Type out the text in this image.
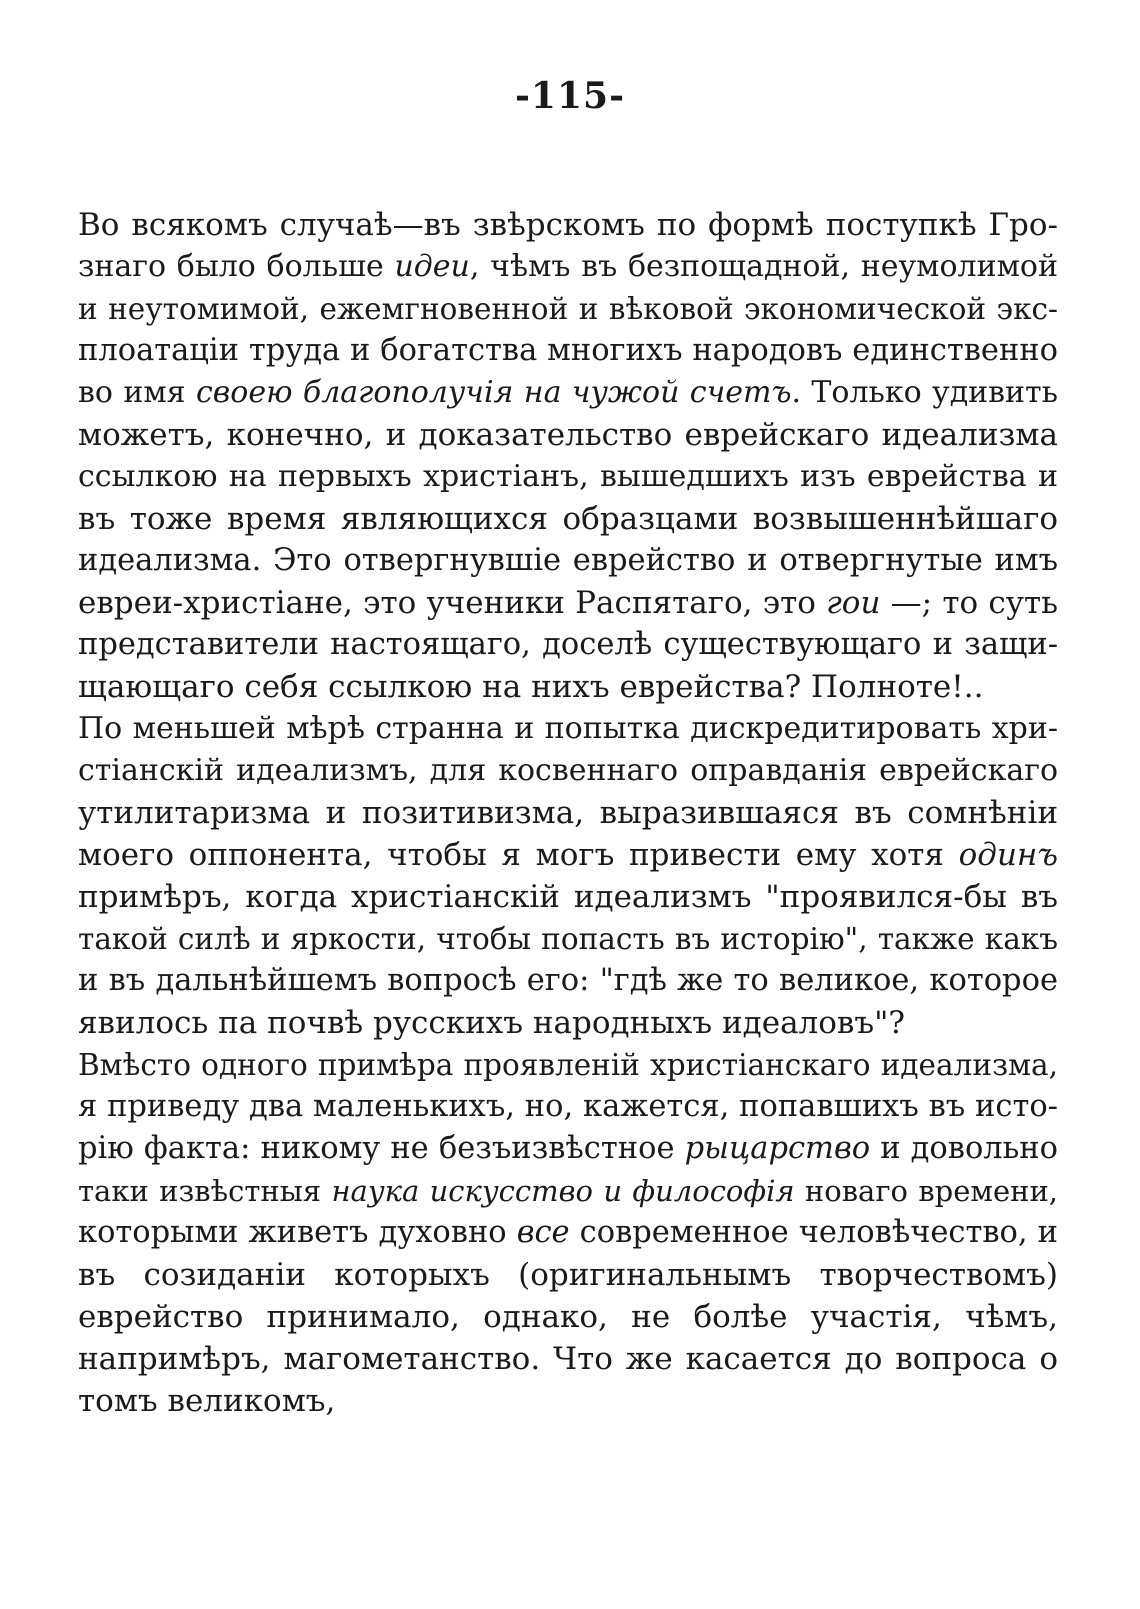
-115-
Во всякомъ случаѣ—въ звѣрскомъ по формѣ поступкѣ Гро-
знаго было больше идеи, чѣмъ въ безпощадной, неумолимой
и неутомимой, ежемгновенной и вѣковой экономической экс-
плоатаціи труда и богатства многихъ народовъ единственно
во имя своею благополучія на чужой счетъ. Только удивить
можетъ, конечно, и доказательство еврейскаго идеализма
ссылкою на первыхъ христіанъ, вышедшихъ изъ еврейства и
въ тоже время являющихся образцами возвышеннѣйшаго
идеализма. Это отвергнувшіе еврейство и отвергнутые имъ
евреи-христіане, это ученики Распятаго, это гои —; то суть
представители настоящаго, доселѣ существующаго и защи-
щающаго себя ссылкою на нихъ еврейства? Полноте!..
По меньшей мѣрѣ странна и попытка дискредитировать хри-
стіанскій идеализмъ, для косвеннаго оправданія еврейскаго
утилитаризма и позитивизма, выразившаяся въ сомнѣніи
моего оппонента, чтобы я могъ привести ему хотя одинъ
примѣръ, когда христіанскій идеализмъ "проявился-бы въ
такой силѣ и яркости, чтобы попасть въ исторію", также какъ
и въ дальнѣйшемъ вопросѣ его: "гдѣ же то великое, которое
явилось па почвѣ русскихъ народныхъ идеаловъ"?
Вмѣсто одного примѣра проявленій христіанскаго идеализма,
я приведу два маленькихъ, но, кажется, попавшихъ въ исто-
рію факта: никому не безъизвѣстное рыцарство и довольно
таки извѣстныя наука искусство и философія новаго времени,
которыми живетъ духовно все современное человѣчество, и
въ созиданіи которыхъ (оригинальнымъ творчествомъ)
еврейство принимало, однако, не болѣе участія, чѣмъ,
напримѣръ, магометанство. Что же касается до вопроса о
томъ великомъ,
